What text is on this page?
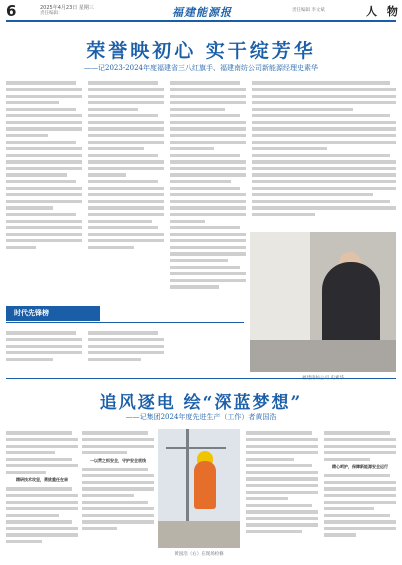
6	2025年4月23日 星期三
责任编辑：	福建能源报	责任编辑 李文斌	人 物
荣誉映初心 实干绽芳华
——记2023-2024年度福建省三八红旗手、福建南纺公司新能源经理史素华
时代先锋榜
追风逐电 绘“深蓝梦想”
——记集团2024年度先进生产（工作）者黄国浩

精研技术攻坚，勇挑重任在肩

一以贯之抓安全，守护安全底线

黄国浩（右）在现场检修

精心呵护，保障新能源安全运行
